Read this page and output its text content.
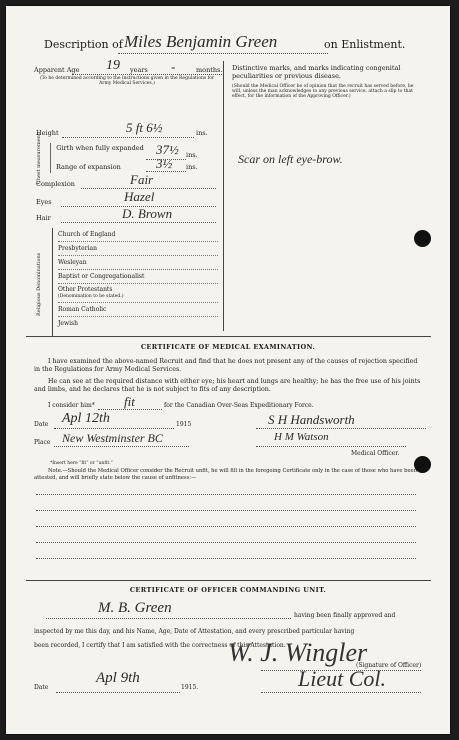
Description of Miles Benjamin Green	on Enlistment.
Apparent Age 19 years -	months.
(To be determined according to the instructions given in the Regulations for Army Medical Services.)
Distinctive marks, and marks indicating congenital peculiarities or previous disease.
(Should the Medical Officer be of opinion that the recruit has served before, he will, unless the man acknowledges to any previous service, attach a slip to that effect, for the information of the Approving Officer.)
Height	5 ft 6½	ins.
Chest measurement Girth when fully expanded 37½ ins.
Range of expansion	3½ ins.
Complexion	Fair
Eyes	Hazel
Hair	D. Brown
Scar on left eye-brow.
Religious Denominations
Church of England
Presbyterian
Wesleyan
Baptist or Congregationalist
Other Protestants
(Denomination to be stated.)
Roman Catholic
Jewish
CERTIFICATE OF MEDICAL EXAMINATION.
I have examined the above-named Recruit and find that he does not present any of the causes of rejection specified in the Regulations for Army Medical Services.
He can see at the required distance with either eye; his heart and lungs are healthy; he has the free use of his joints and limbs, and he declares that he is not subject to fits of any description.
I consider him* fit	for the Canadian Over-Seas Expeditionary Force.
Date Apl 12th	1915	S H Handsworth
Place New Westminster BC	H M Watson
Medical Officer.
*Insert here “fit” or “unfit.”
Note.—Should the Medical Officer consider the Recruit unfit, he will fill in the foregoing Certificate only in the case of those who have been attested, and will briefly state below the cause of unfitness:—
CERTIFICATE OF OFFICER COMMANDING UNIT.
M. B. Green	having been finally approved and
inspected by me this day, and his Name, Age, Date of Attestation, and every prescribed particular having
been recorded, I certify that I am satisfied with the correctness of this Attestation.
W. J. Wingler
(Signature of Officer)
Lieut Col.
Date
Apl 9th
1915.
